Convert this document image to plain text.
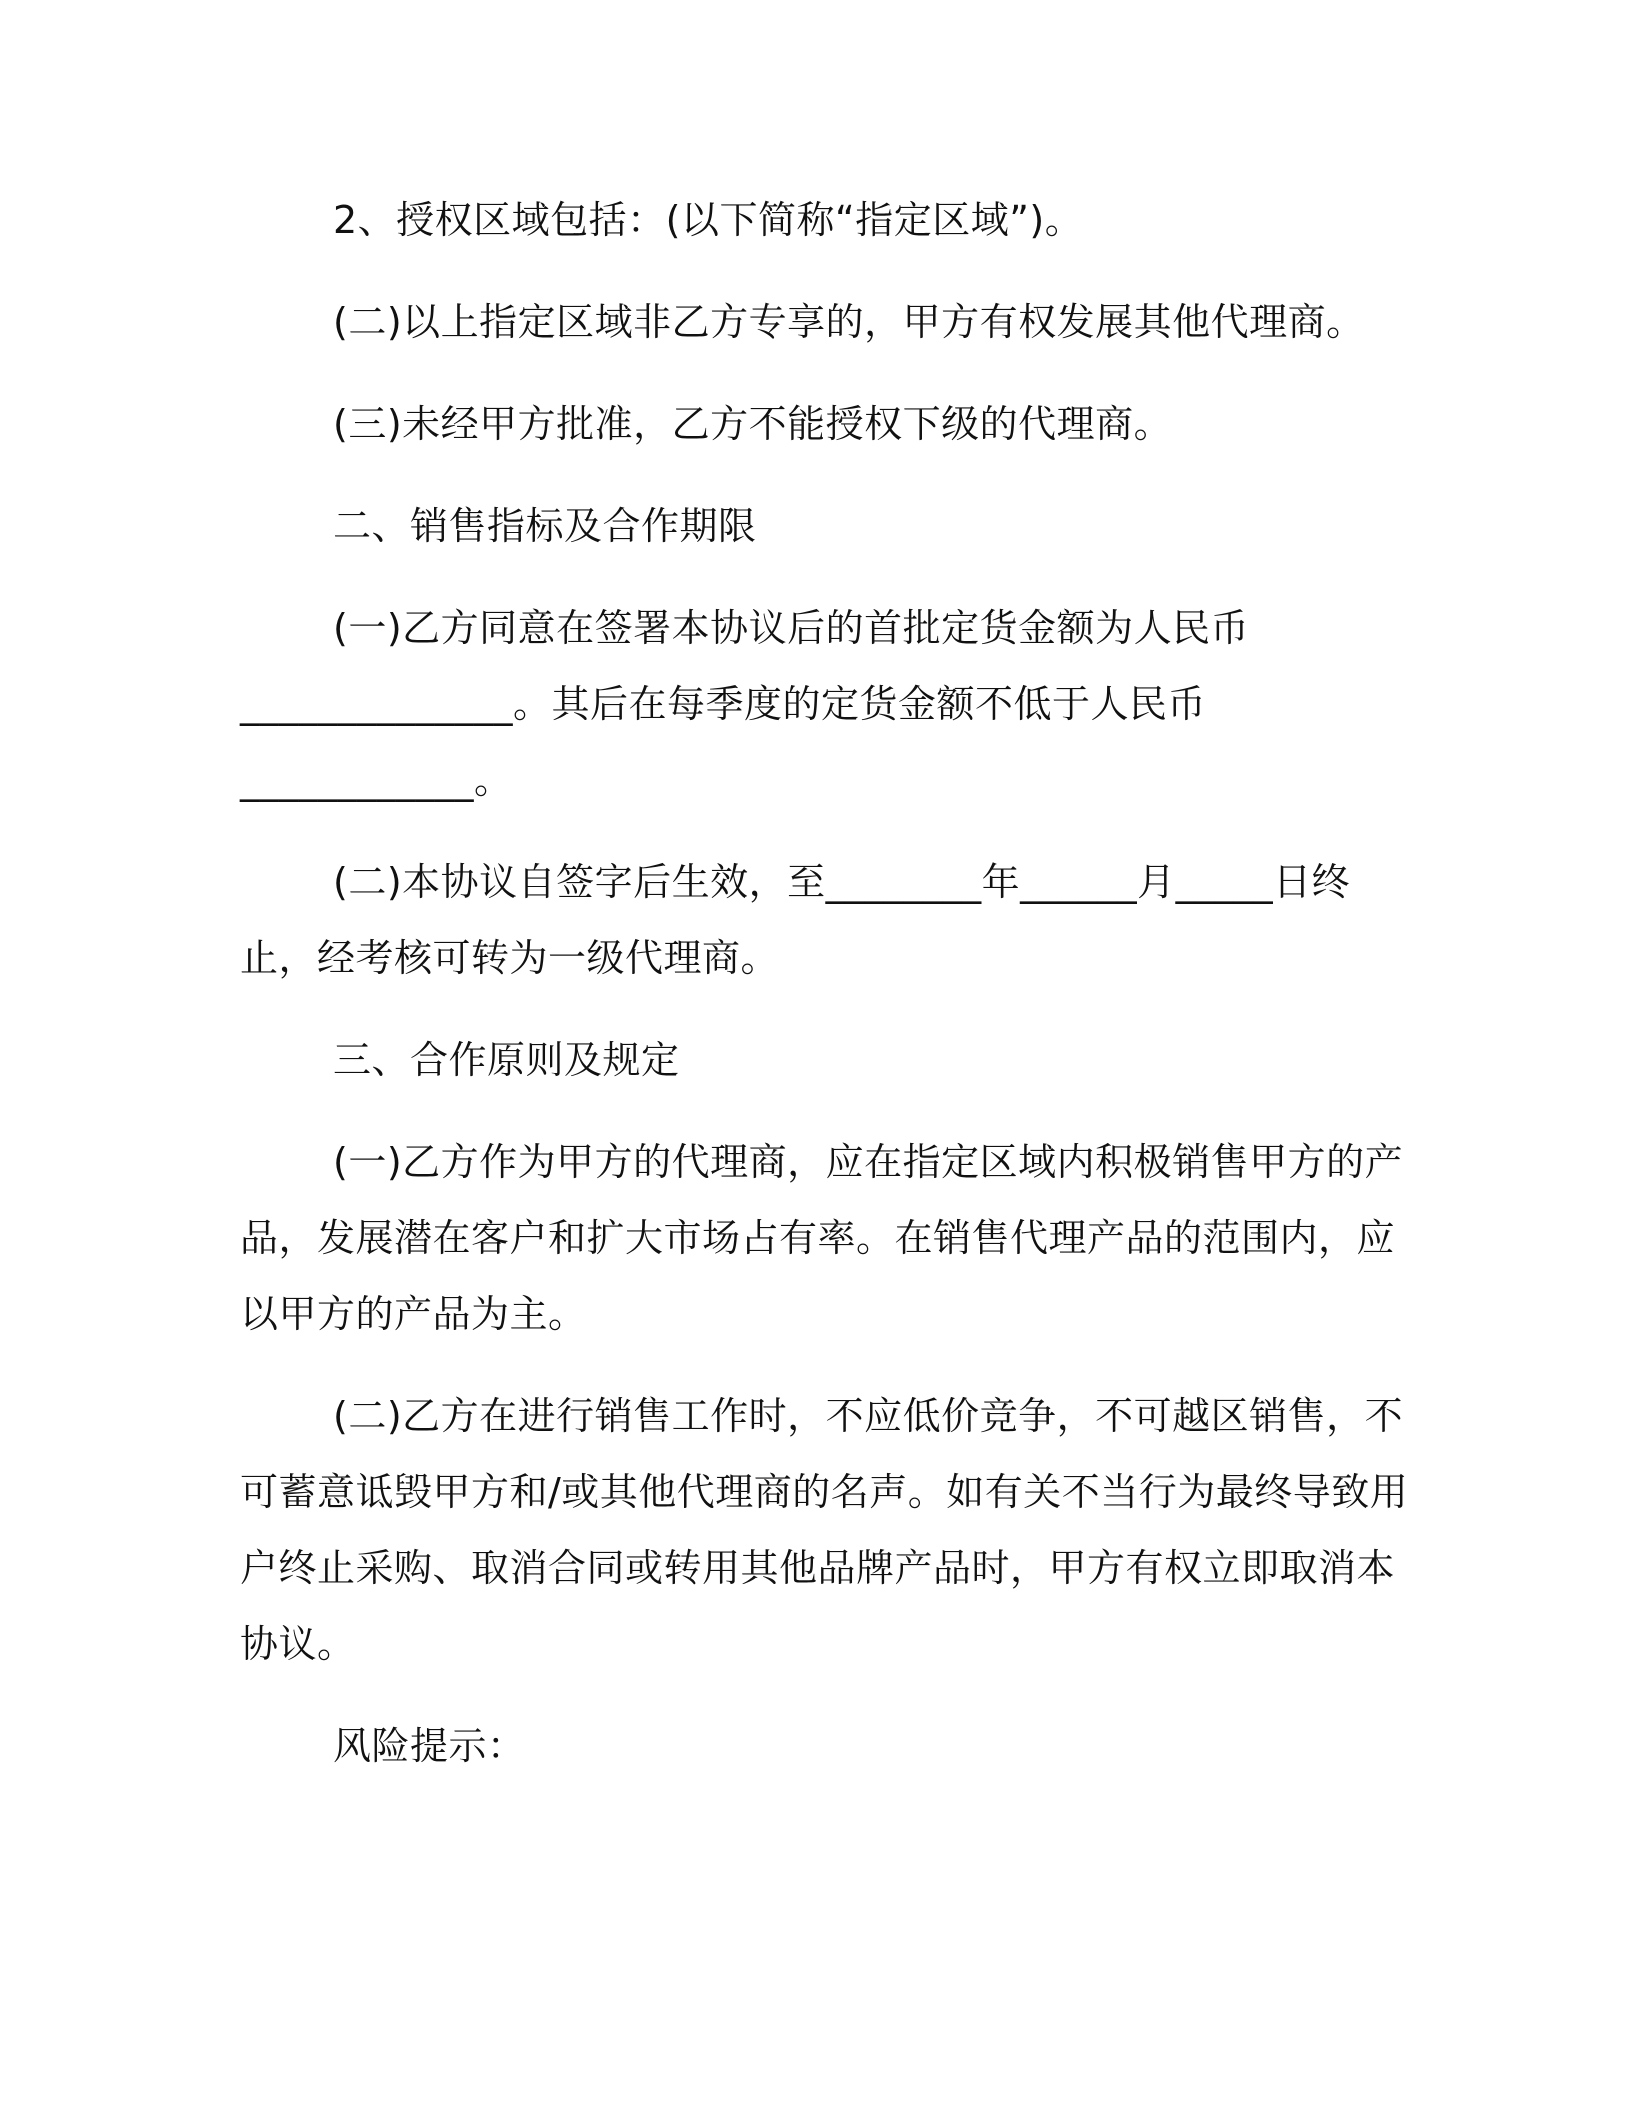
2、授权区域包括：(以下简称“指定区域”)。

(二)以上指定区域非乙方专享的，甲方有权发展其他代理商。

(三)未经甲方批准，乙方不能授权下级的代理商。

二、销售指标及合作期限

(一)乙方同意在签署本协议后的首批定货金额为人民币

______________。其后在每季度的定货金额不低于人民币

____________。

(二)本协议自签字后生效，至________年______月_____日终

止，经考核可转为一级代理商。

三、合作原则及规定

(一)乙方作为甲方的代理商，应在指定区域内积极销售甲方的产

品，发展潜在客户和扩大市场占有率。在销售代理产品的范围内，应

以甲方的产品为主。

(二)乙方在进行销售工作时，不应低价竞争，不可越区销售，不

可蓄意诋毁甲方和/或其他代理商的名声。如有关不当行为最终导致用

户终止采购、取消合同或转用其他品牌产品时，甲方有权立即取消本

协议。

风险提示：
